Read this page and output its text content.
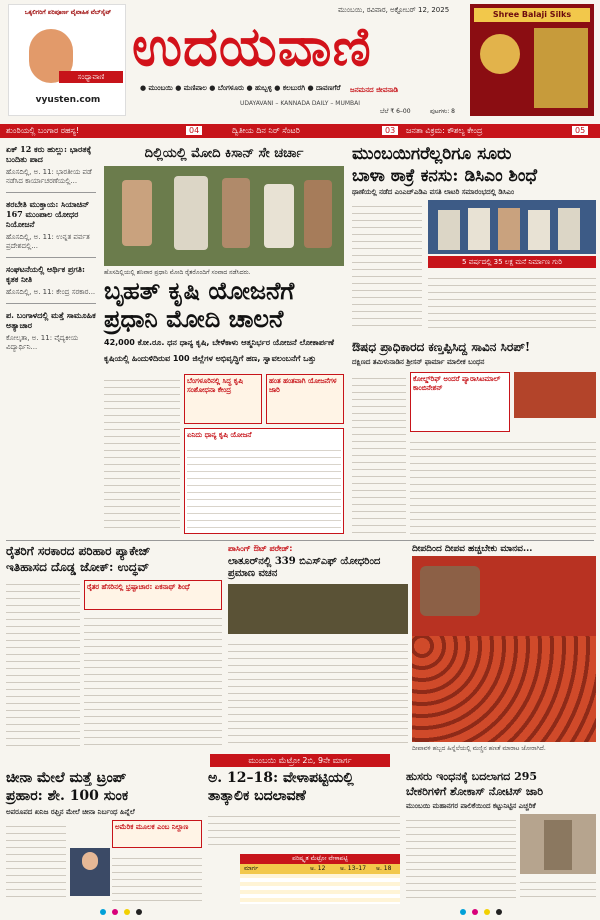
ಒಕ್ಕಲಿಗರಿಗೆ ಪರಿಪೂರ್ಣ ವೈವಾಹಿಕ ವೆಬ್‌ಸೈಟ್
ಸಂಧ್ಯಾವಾಣಿ
vyusten.com
ಉದಯವಾಣಿ
● ಮುಂಬಯಿ ● ಮಣಿಪಾಲ ● ಬೆಂಗಳೂರು ● ಹುಬ್ಬಳ್ಳಿ ● ಕಲಬುರಗಿ ● ದಾವಣಗೆರೆ
UDAYAVANI – KANNADA DAILY – MUMBAI
ಮುಂಬಯಿ, ರವಿವಾರ, ಅಕ್ಟೋಬರ್ 12, 2025
ಜನಮನದ ಜೀವನಾಡಿ
ಬೆಲೆ ₹ 6–00	ಪುಟಗಳು: 8
Shree Balaji Silks
ಶುಂಠಿಯಲ್ಲಿ ಬಂಗಾರ ರಹಸ್ಯ!	04	ದ್ವಿತೀಯ ದಿನ ನಿರ್ ಸೆಂಟರಿ	03	ಜನತಾ ವಿಕ್ರಮ: ಕೌಶಲ್ಯ ಕೇಂದ್ರ	05
ಏಕ್ 12 ಕರು ಹುಲ್ಲು: ಭಾರತಕ್ಕೆ ಬಂದಿತು ಪಾದ
ಹೊಸದಿಲ್ಲಿ, ಅ. 11: ಭಾರತೀಯ ಪಡೆ ನಡೆಸಿದ ಕಾರ್ಯಾಚರಣೆಯಲ್ಲಿ...
ತರಬೇತಿ ಮುಕ್ತಾಯ: ಸಿಯಾಚಿನ್ 167 ಮುಂಪಾಲ ಯೋಧರ ನಿಯೋಜನೆ
ಹೊಸದಿಲ್ಲಿ, ಅ. 11: ಉನ್ನತ ಪರ್ವತ ಪ್ರದೇಶದಲ್ಲಿ...
ಸಂಘಟನೆಯಲ್ಲಿ ಆರ್ಥಿಕ ಪ್ರಗತಿ: ಕೃತಕ ನೀತಿ
ಹೊಸದಿಲ್ಲಿ, ಅ. 11: ಕೇಂದ್ರ ಸರಕಾರ...
ಪ. ಬಂಗಾಳದಲ್ಲಿ ಮತ್ತೆ ಸಾಮೂಹಿಕ ಅತ್ಯಾಚಾರ
ಕೋಲ್ಕತಾ, ಅ. 11: ವೈದ್ಯಕೀಯ ವಿದ್ಯಾರ್ಥಿನಿ...
ದಿಲ್ಲಿಯಲ್ಲಿ ಮೋದಿ ಕಿಸಾನ್ ಸೇ ಚರ್ಚಾ
ಹೊಸದಿಲ್ಲಿಯಲ್ಲಿ ಶನಿವಾರ ಪ್ರಧಾನಿ ಮೋದಿ ರೈತರೊಂದಿಗೆ ಸಂವಾದ ನಡೆಸಿದರು.
ಬೃಹತ್ ಕೃಷಿ ಯೋಜನೆಗೆ
ಪ್ರಧಾನಿ ಮೋದಿ ಚಾಲನೆ
42,000 ಕೋ.ರೂ. ಧನ ಧಾನ್ಯ ಕೃಷಿ, ಬೇಳೆಕಾಳು ಆತ್ಮನಿರ್ಭರ ಯೋಜನೆ ಲೋಕಾರ್ಪಣೆ
ಕೃಷಿಯಲ್ಲಿ ಹಿಂದುಳಿದಿರುವ 100 ಜಿಲ್ಲೆಗಳ ಅಭಿವೃದ್ಧಿಗೆ ಹಣ, ಸ್ವಾವಲಂಬನೆಗೆ ಒತ್ತು
ಬೆಂಗಳೂರಿನಲ್ಲಿ ಸಿದ್ಧ ಕೃಷಿ ಸಂಶೋಧನಾ ಕೇಂದ್ರ
ಹಂತ ಹಂತವಾಗಿ ಯೋಜನೆಗಳ ಜಾರಿ
ಏನಿದು ಧಾನ್ಯ ಕೃಷಿ ಯೋಜನೆ
ಮುಂಬಯಿಗರೆಲ್ಲರಿಗೂ ಸೂರು
ಬಾಳಾ ಠಾಕ್ರೆ ಕನಸು: ಡಿಸಿಎಂ ಶಿಂಧೆ
ಥಾಣೆಯಲ್ಲಿ ನಡೆದ ಎಂಎಚ್‌ಎಡಿಎ ವಸತಿ ಲಾಟರಿ ಸಮಾರಂಭದಲ್ಲಿ ಡಿಸಿಎಂ
5 ವರ್ಷದಲ್ಲಿ 35 ಲಕ್ಷ ಮನೆ ನಿರ್ಮಾಣ ಗುರಿ
ಔಷಧ ಪ್ರಾಧಿಕಾರದ ಕಣ್ತಪ್ಪಿಸಿದ್ದ ಸಾವಿನ ಸಿರಪ್!
ದಕ್ಷಿಣದ ತಮಿಳುನಾಡಿನ ಶ್ರೀಸನ್ ಫಾರ್ಮಾ ಮಾಲೀಕ ಬಂಧನ
ಕೋಲ್ಡ್‌ರಿಫ್ ಅಂದರೆ ಪ್ಯಾರಾಸಿಟಮಾಲ್ ಕಾಂಬಿನೇಶನ್
ರೈತರಿಗೆ ಸರಕಾರದ ಪರಿಹಾರ ಪ್ಯಾಕೇಜ್
ಇತಿಹಾಸದ ದೊಡ್ಡ ಜೋಕ್: ಉದ್ಧವ್
ರೈತರ ಹೆಸರಿನಲ್ಲಿ ಭ್ರಷ್ಟಾಚಾರ: ಏಕನಾಥ್ ಶಿಂಧೆ
ಪಾಸಿಂಗ್ ಔಟ್ ಪರೇಡ್:
ಲಾತೂರ್‌ನಲ್ಲಿ 339 ಬಿಎಸ್‌ಎಫ್ ಯೋಧರಿಂದ ಪ್ರಮಾಣ ವಚನ
ದೀಪದಿಂದ ದೀಪವ ಹಚ್ಚಬೇಕು ಮಾನವ...
ದೀಪಾವಳಿ ಹಬ್ಬದ ಹಿನ್ನೆಲೆಯಲ್ಲಿ ಮಣ್ಣಿನ ಹಣತೆ ಮಾರಾಟ ಜೋರಾಗಿದೆ.
ಮುಂಬಯಿ ಮೆಟ್ರೋ 2ಬಿ, 9ನೇ ಮಾರ್ಗ
ಚೀನಾ ಮೇಲೆ ಮತ್ತೆ ಟ್ರಂಪ್
ಪ್ರಹಾರ: ಶೇ. 100 ಸುಂಕ
ಅಪರೂಪದ ಖನಿಜ ರಫ್ತಿನ ಮೇಲೆ ಚೀನಾ ನಿರ್ಬಂಧ ಹಿನ್ನೆಲೆ
ಅಮೆರಿಕ ಮೂಲಕ ಎಂಬ ನಿಲ್ದಾಣ
ಅ. 12–18: ವೇಳಾಪಟ್ಟಿಯಲ್ಲಿ
ತಾತ್ಕಾಲಿಕ ಬದಲಾವಣೆ
ಪರಿಷ್ಕೃತ ಮೆಟ್ರೋ ವೇಳಾಪಟ್ಟಿ
ಮಾರ್ಗ	ಅ. 12 ಅ. 13–17 ಅ. 18
ಹುಸರು ಇಂಧನಕ್ಕೆ ಬದಲಾಗದ 295
ಬೇಕರಿಗಳಿಗೆ ಶೋಕಾಸ್ ನೋಟಿಸ್ ಜಾರಿ
ಮುಂಬಯಿ ಮಹಾನಗರ ಪಾಲಿಕೆಯಿಂದ ಕಟ್ಟುನಿಟ್ಟಿನ ಎಚ್ಚರಿಕೆ
